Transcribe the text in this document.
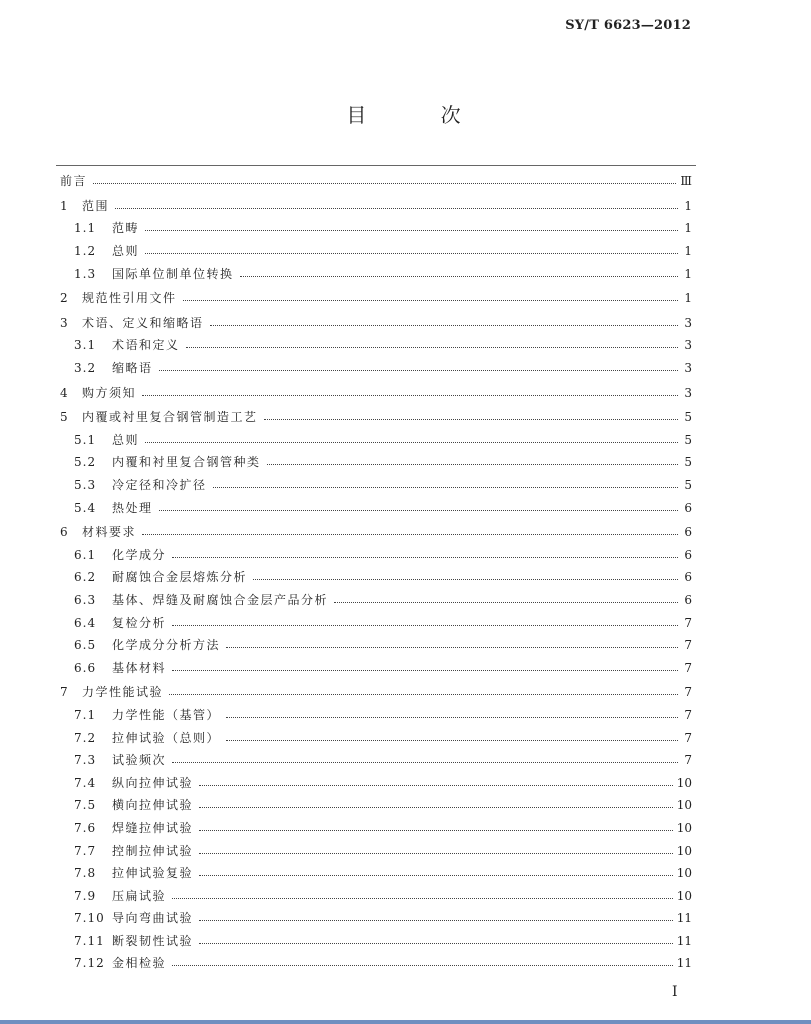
SY/T 6623—2012
目 次
前言	Ⅲ
1	范围	1
1.1	范畴	1
1.2	总则	1
1.3	国际单位制单位转换	1
2	规范性引用文件	1
3	术语、定义和缩略语	3
3.1	术语和定义	3
3.2	缩略语	3
4	购方须知	3
5	内覆或衬里复合钢管制造工艺	5
5.1	总则	5
5.2	内覆和衬里复合钢管种类	5
5.3	冷定径和冷扩径	5
5.4	热处理	6
6	材料要求	6
6.1	化学成分	6
6.2	耐腐蚀合金层熔炼分析	6
6.3	基体、焊缝及耐腐蚀合金层产品分析	6
6.4	复检分析	7
6.5	化学成分分析方法	7
6.6	基体材料	7
7	力学性能试验	7
7.1	力学性能（基管）	7
7.2	拉伸试验（总则）	7
7.3	试验频次	7
7.4	纵向拉伸试验	10
7.5	横向拉伸试验	10
7.6	焊缝拉伸试验	10
7.7	控制拉伸试验	10
7.8	拉伸试验复验	10
7.9	压扁试验	10
7.10 导向弯曲试验	11
7.11 断裂韧性试验	11
7.12 金相检验	11
I
